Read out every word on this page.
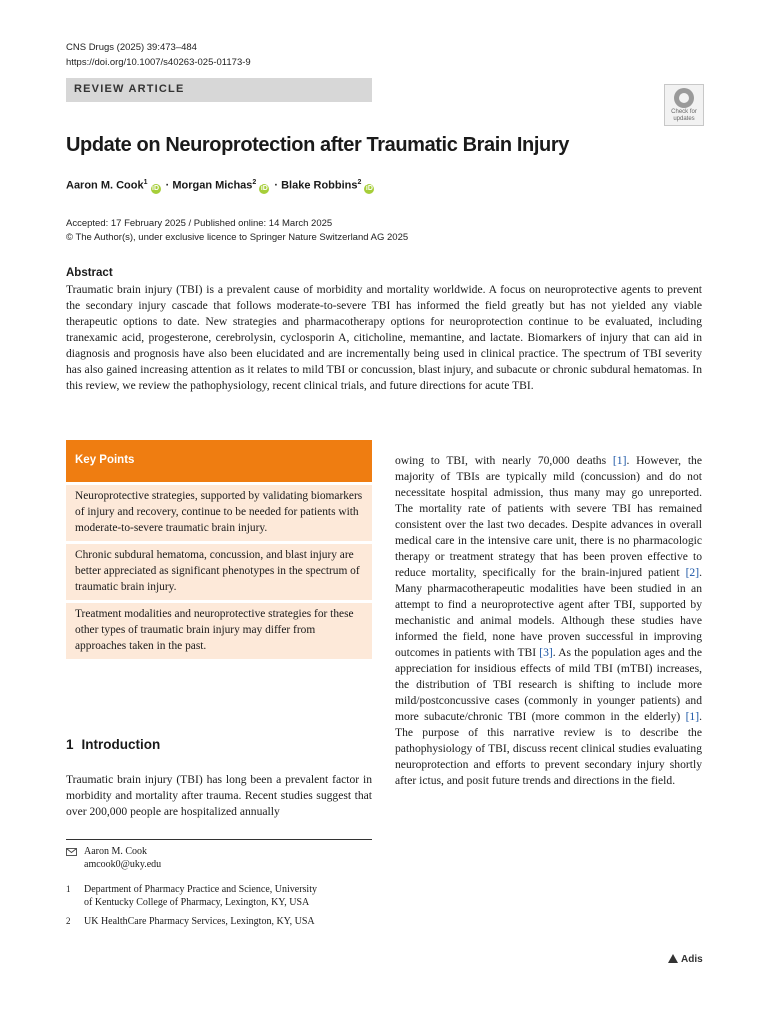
CNS Drugs (2025) 39:473–484
https://doi.org/10.1007/s40263-025-01173-9
REVIEW ARTICLE
Check for
updates
Update on Neuroprotection after Traumatic Brain Injury
Aaron M. Cook$^1$iD · Morgan Michas$^2$iD · Blake Robbins$^2$iD
Accepted: 17 February 2025 / Published online: 14 March 2025
© The Author(s), under exclusive licence to Springer Nature Switzerland AG 2025
Abstract
Traumatic brain injury (TBI) is a prevalent cause of morbidity and mortality worldwide. A focus on neuroprotective agents to prevent the secondary injury cascade that follows moderate-to-severe TBI has informed the field greatly but has not yielded any viable therapeutic options to date. New strategies and pharmacotherapy options for neuroprotection continue to be evaluated, including tranexamic acid, progesterone, cerebrolysin, cyclosporin A, citicholine, memantine, and lactate. Biomarkers of injury that can aid in diagnosis and prognosis have also been elucidated and are incrementally being used in clinical practice. The spectrum of TBI severity has also gained increasing attention as it relates to mild TBI or concussion, blast injury, and subacute or chronic subdural hematomas. In this review, we review the pathophysiology, recent clinical trials, and future directions for acute TBI.
Key Points
Neuroprotective strategies, supported by validating biomarkers of injury and recovery, continue to be needed for patients with moderate-to-severe traumatic brain injury.
Chronic subdural hematoma, concussion, and blast injury are better appreciated as significant phenotypes in the spectrum of traumatic brain injury.
Treatment modalities and neuroprotective strategies for these other types of traumatic brain injury may differ from approaches taken in the past.
1 Introduction
Traumatic brain injury (TBI) has long been a prevalent factor in morbidity and mortality after trauma. Recent studies suggest that over 200,000 people are hospitalized annually
owing to TBI, with nearly 70,000 deaths [1]. However, the majority of TBIs are typically mild (concussion) and do not necessitate hospital admission, thus many may go unreported. The mortality rate of patients with severe TBI has remained consistent over the last two decades. Despite advances in overall medical care in the intensive care unit, there is no pharmacologic therapy or treatment strategy that has been proven effective to reduce mortality, specifically for the brain-injured patient [2]. Many pharmacotherapeutic modalities have been studied in an attempt to find a neuroprotective agent after TBI, supported by mechanistic and animal models. Although these studies have informed the field, none have proven successful in improving outcomes in patients with TBI [3]. As the population ages and the appreciation for insidious effects of mild TBI (mTBI) increases, the distribution of TBI research is shifting to include more mild/postconcussive cases (commonly in younger patients) and more subacute/chronic TBI (more common in the elderly) [1]. The purpose of this narrative review is to describe the pathophysiology of TBI, discuss recent clinical studies evaluating neuroprotection and efforts to prevent secondary injury shortly after ictus, and posit future trends and directions in the field.
Aaron M. Cook
amcook0@uky.edu
1 Department of Pharmacy Practice and Science, University
of Kentucky College of Pharmacy, Lexington, KY, USA
2 UK HealthCare Pharmacy Services, Lexington, KY, USA
Adis
